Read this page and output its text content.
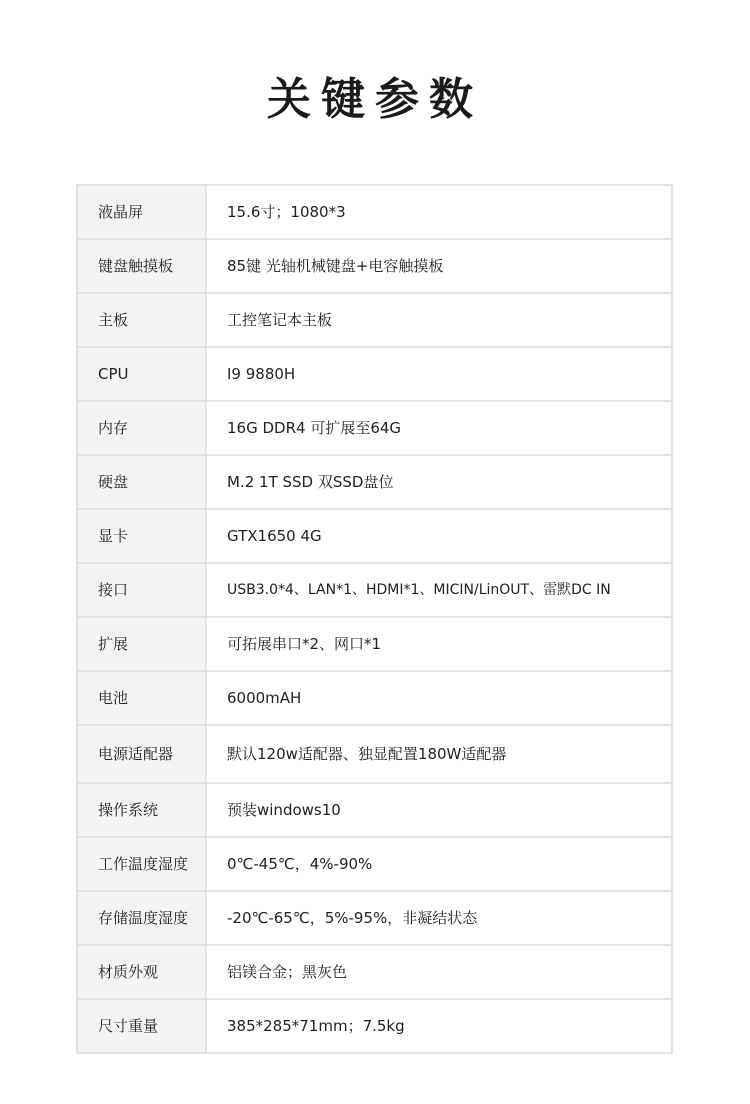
关键参数
液晶屏	15.6寸；1080*3
键盘触摸板	85键 光轴机械键盘+电容触摸板
主板	工控笔记本主板
CPU	I9 9880H
内存	16G DDR4 可扩展至64G
硬盘	M.2 1T SSD 双SSD盘位
显卡	GTX1650 4G
接口	USB3.0*4、LAN*1、HDMI*1、MICIN/LinOUT、雷默DC IN
扩展	可拓展串口*2、网口*1
电池	6000mAH
电源适配器	默认120w适配器、独显配置180W适配器
操作系统	预装windows10
工作温度湿度	0℃-45℃，4%-90%
存储温度湿度	-20℃-65℃，5%-95%，非凝结状态
材质外观	铝镁合金；黑灰色
尺寸重量	385*285*71mm；7.5kg
